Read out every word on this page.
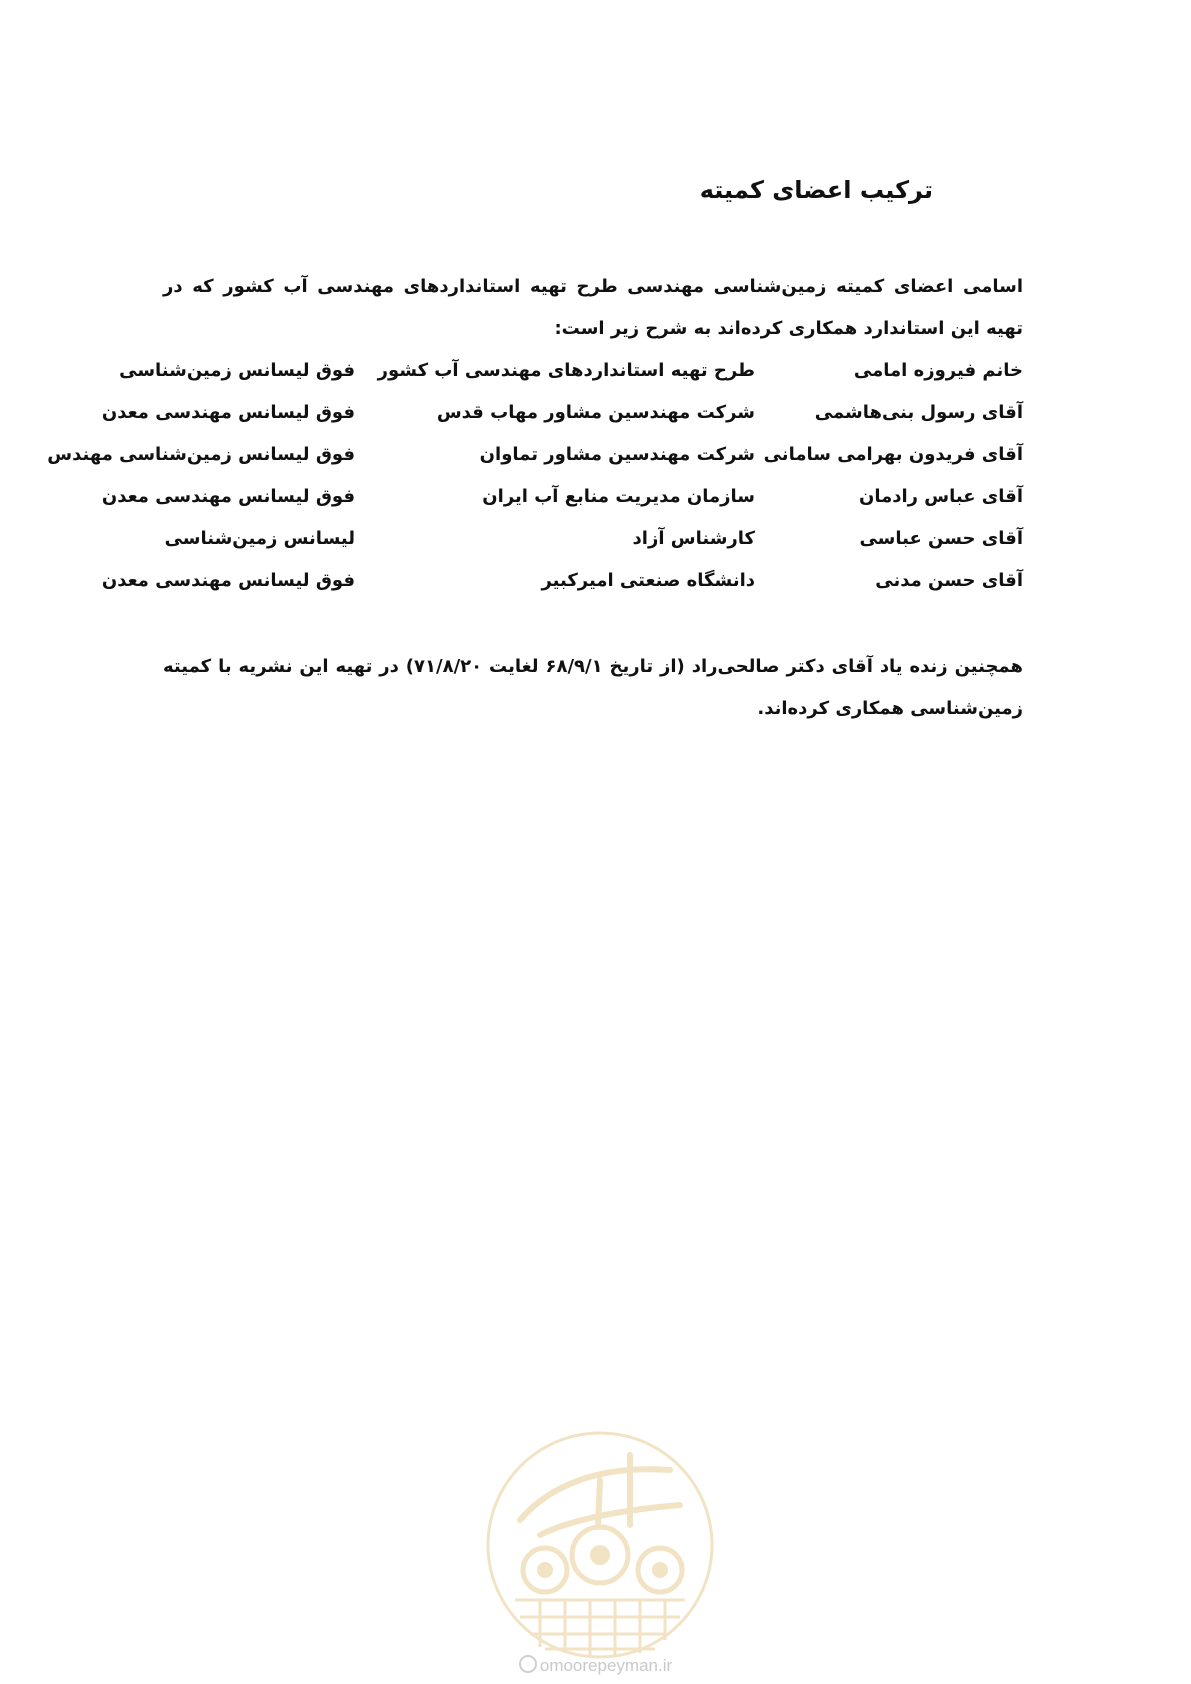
ترکیب اعضای کمیته
اسامی اعضای کمیته زمین‌شناسی مهندسی طرح تهیه استانداردهای مهندسی آب کشور که در تهیه این استاندارد همکاری کرده‌اند به شرح زیر است:
خانم فیروزه امامی
طرح تهیه استانداردهای مهندسی آب کشور
فوق لیسانس زمین‌شناسی
آقای رسول بنی‌هاشمی
شرکت مهندسین مشاور مهاب قدس
فوق لیسانس مهندسی معدن
آقای فریدون بهرامی سامانی
شرکت مهندسین مشاور تماوان
فوق لیسانس زمین‌شناسی مهندس
آقای عباس رادمان
سازمان مدیریت منابع آب ایران
فوق لیسانس مهندسی معدن
آقای حسن عباسی
کارشناس آزاد
لیسانس زمین‌شناسی
آقای حسن مدنی
دانشگاه صنعتی امیرکبیر
فوق لیسانس مهندسی معدن
همچنین زنده یاد آقای دکتر صالحی‌راد (از تاریخ ۶۸/۹/۱ لغایت ۷۱/۸/۲۰) در تهیه این نشریه با کمیته زمین‌شناسی همکاری کرده‌اند.
omoorepeyman.ir
